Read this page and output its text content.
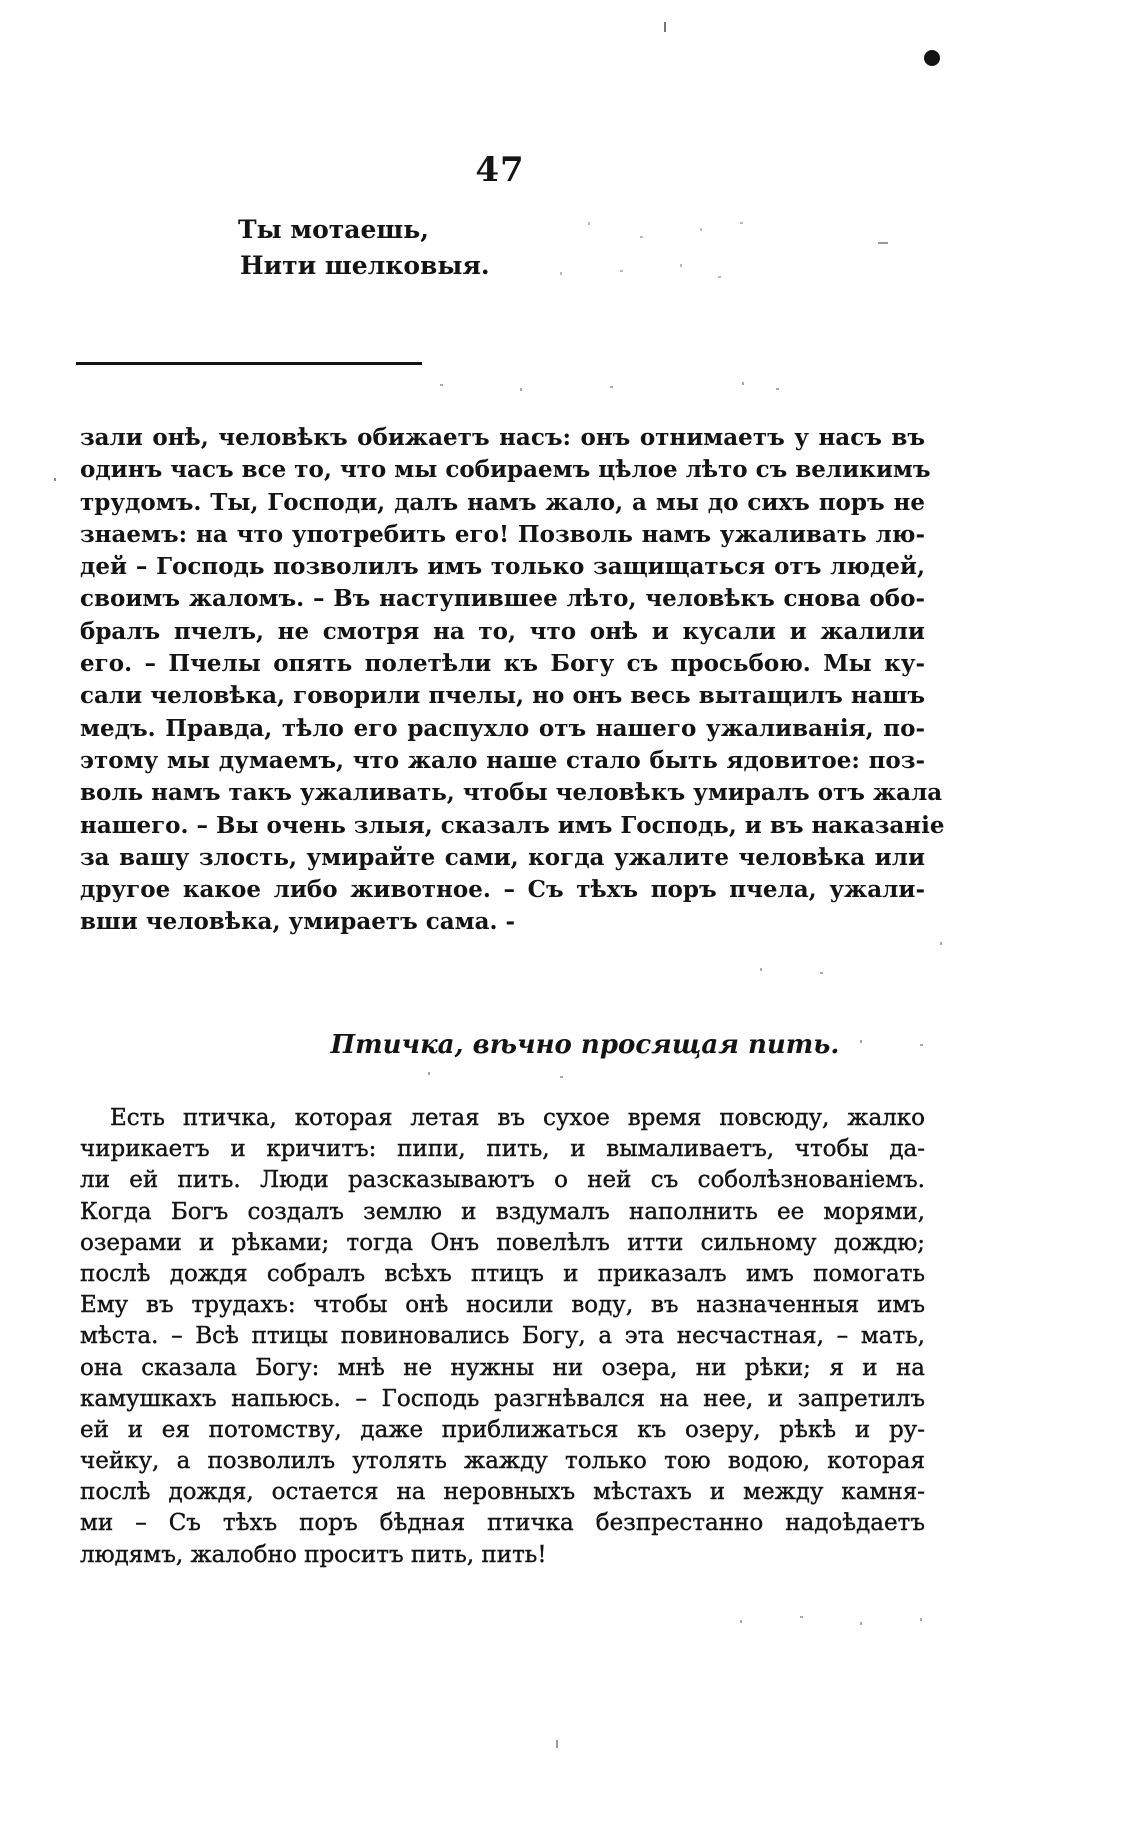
47
Ты мотаешь,
Нити шелковыя.
зали онѣ, человѣкъ обижаетъ насъ: онъ отнимаетъ у насъ въ
одинъ часъ все то, что мы собираемъ цѣлое лѣто съ великимъ
трудомъ. Ты, Господи, далъ намъ жало, а мы до сихъ поръ не
знаемъ: на что употребить его! Позволь намъ ужаливать лю-
дей – Господь позволилъ имъ только защищаться отъ людей,
своимъ жаломъ. – Въ наступившее лѣто, человѣкъ снова обо-
бралъ пчелъ, не смотря на то, что онѣ и кусали и жалили
его. – Пчелы опять полетѣли къ Богу съ просьбою. Мы ку-
сали человѣка, говорили пчелы, но онъ весь вытащилъ нашъ
медъ. Правда, тѣло его распухло отъ нашего ужаливанія, по-
этому мы думаемъ, что жало наше стало быть ядовитое: поз-
воль намъ такъ ужаливать, чтобы человѣкъ умиралъ отъ жала
нашего. – Вы очень злыя, сказалъ имъ Господь, и въ наказаніе
за вашу злость, умирайте сами, когда ужалите человѣка или
другое какое либо животное. – Съ тѣхъ поръ пчела, ужали-
вши человѣка, умираетъ сама. -
Птичка, вѣчно просящая пить.
Есть птичка, которая летая въ сухое время повсюду, жалко
чирикаетъ и кричитъ: пипи, пить, и вымаливаетъ, чтобы да-
ли ей пить. Люди разсказываютъ о ней съ соболѣзнованіемъ.
Когда Богъ создалъ землю и вздумалъ наполнить ее морями,
озерами и рѣками; тогда Онъ повелѣлъ итти сильному дождю;
послѣ дождя собралъ всѣхъ птицъ и приказалъ имъ помогать
Ему въ трудахъ: чтобы онѣ носили воду, въ назначенныя имъ
мѣста. – Всѣ птицы повиновались Богу, а эта несчастная, – мать,
она сказала Богу: мнѣ не нужны ни озера, ни рѣки; я и на
камушкахъ напьюсь. – Господь разгнѣвался на нее, и запретилъ
ей и ея потомству, даже приближаться къ озеру, рѣкѣ и ру-
чейку, а позволилъ утолять жажду только тою водою, которая
послѣ дождя, остается на неровныхъ мѣстахъ и между камня-
ми – Съ тѣхъ поръ бѣдная птичка безпрестанно надоѣдаетъ
людямъ, жалобно проситъ пить, пить!
